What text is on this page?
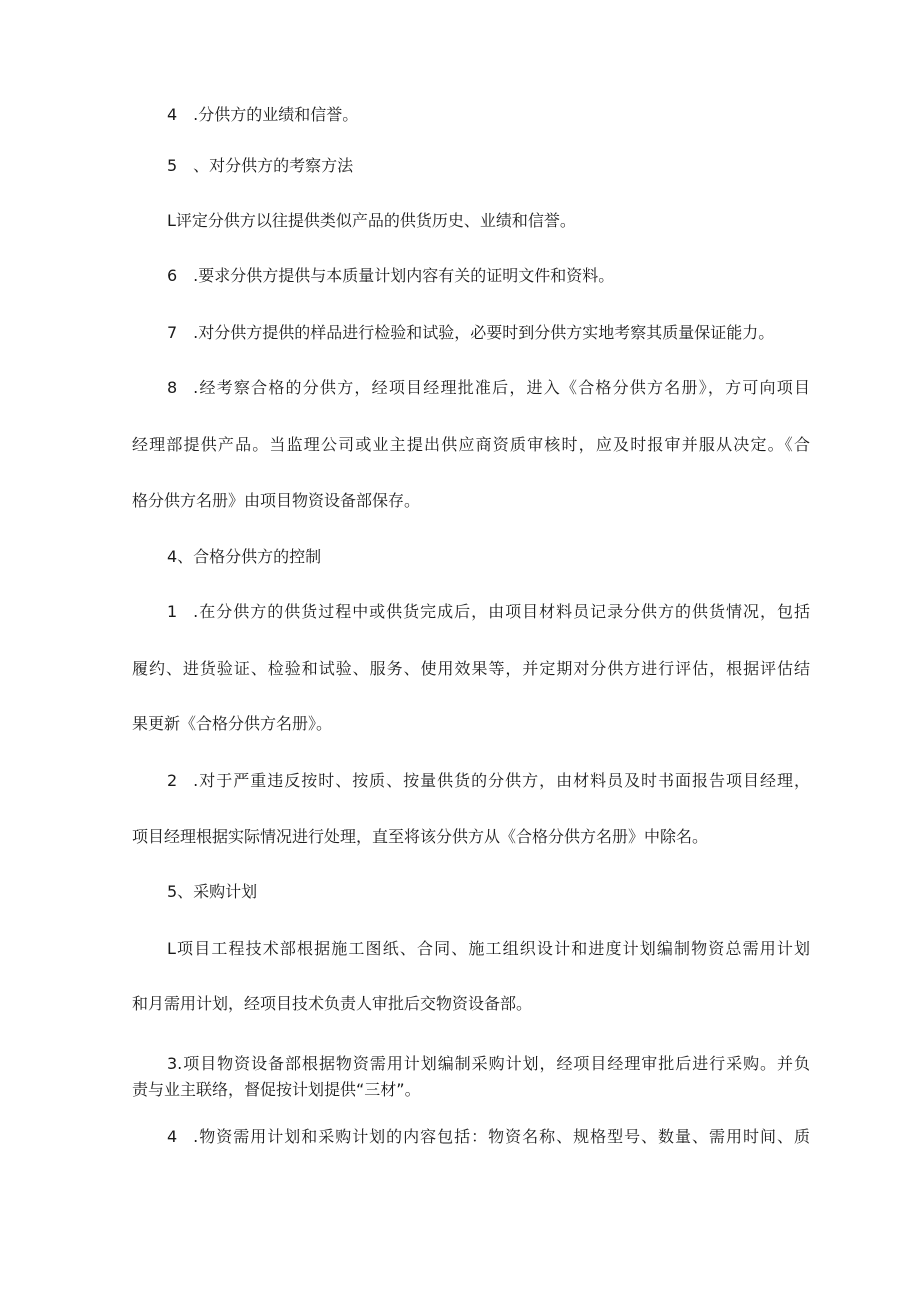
4 .分供方的业绩和信誉。

5 、对分供方的考察方法

L评定分供方以往提供类似产品的供货历史、业绩和信誉。

6 .要求分供方提供与本质量计划内容有关的证明文件和资料。

7 .对分供方提供的样品进行检验和试验，必要时到分供方实地考察其质量保证能力。

8 .经考察合格的分供方，经项目经理批准后，进入《合格分供方名册》，方可向项目

经理部提供产品。当监理公司或业主提出供应商资质审核时，应及时报审并服从决定。《合

格分供方名册》由项目物资设备部保存。

4、合格分供方的控制

1 .在分供方的供货过程中或供货完成后，由项目材料员记录分供方的供货情况，包括

履约、进货验证、检验和试验、服务、使用效果等，并定期对分供方进行评估，根据评估结

果更新《合格分供方名册》。

2 .对于严重违反按时、按质、按量供货的分供方，由材料员及时书面报告项目经理，

项目经理根据实际情况进行处理，直至将该分供方从《合格分供方名册》中除名。

5、采购计划

L项目工程技术部根据施工图纸、合同、施工组织设计和进度计划编制物资总需用计划

和月需用计划，经项目技术负责人审批后交物资设备部。

3.项目物资设备部根据物资需用计划编制采购计划，经项目经理审批后进行采购。并负

责与业主联络，督促按计划提供“三材”。

4 .物资需用计划和采购计划的内容包括：物资名称、规格型号、数量、需用时间、质
